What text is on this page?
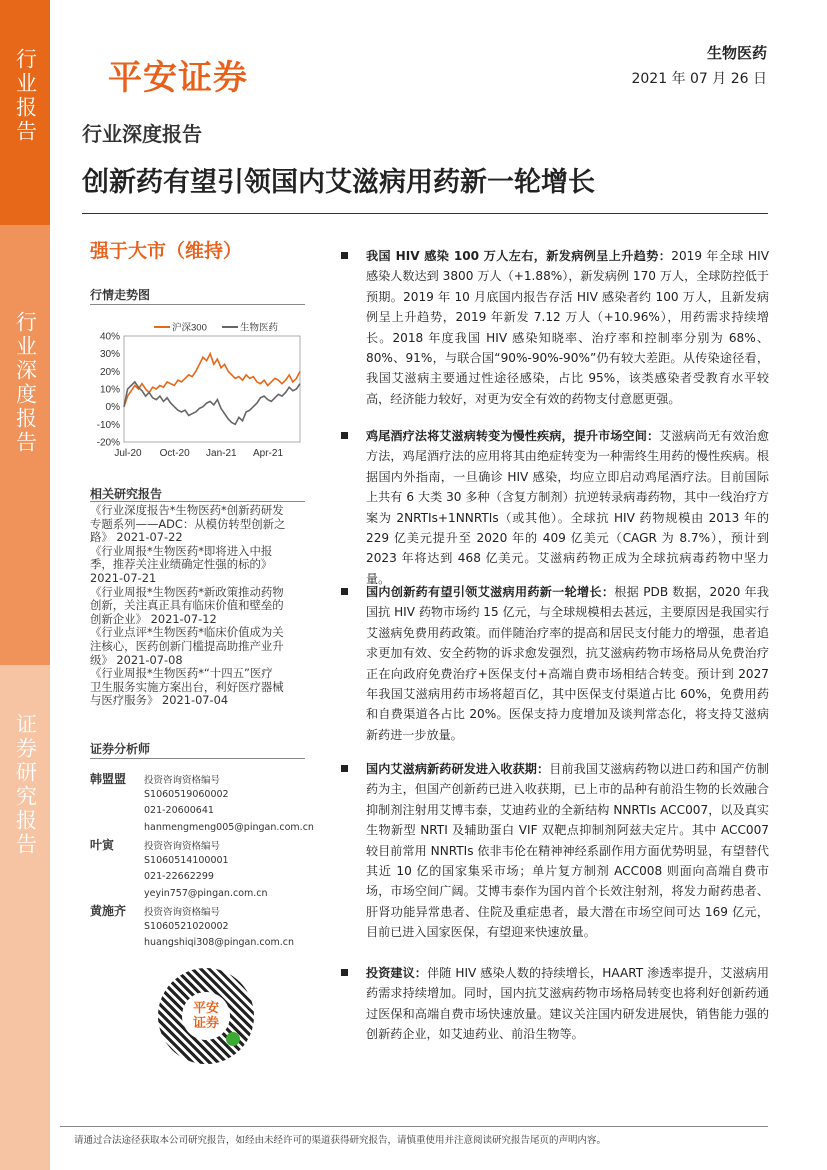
行业报告
行业深度报告
证券研究报告
平安证券
生物医药
2021 年 07 月 26 日
行业深度报告
创新药有望引领国内艾滋病用药新一轮增长
强于大市（维持）
行情走势图
40%
30%
20%
10%
0%
-10%
-20%
Jul-20 Oct-20 Jan-21 Apr-21
沪深300	生物医药
相关研究报告
《行业深度报告*生物医药*创新药研发
专题系列——ADC：从模仿转型创新之
路》 2021-07-22
《行业周报*生物医药*即将进入中报
季，推荐关注业绩确定性强的标的》
2021-07-21
《行业周报*生物医药*新政策推动药物
创新，关注真正具有临床价值和壁垒的
创新企业》 2021-07-12
《行业点评*生物医药*临床价值成为关
注核心，医药创新门槛提高助推产业升
级》 2021-07-08
《行业周报*生物医药*“十四五”医疗
卫生服务实施方案出台，利好医疗器械
与医疗服务》 2021-07-04
证券分析师
韩盟盟 投资咨询资格编号
S1060519060002
021-20600641
hanmengmeng005@pingan.com.cn
叶寅	投资咨询资格编号
S1060514100001
021-22662299
yeyin757@pingan.com.cn
黄施齐 投资咨询资格编号
S1060521020002
huangshiqi308@pingan.com.cn
平安
证券
我国 HIV 感染 100 万人左右，新发病例呈上升趋势：2019 年全球 HIV 感染人数达到 3800 万人（+1.88%），新发病例 170 万人，全球防控低于预期。2019 年 10 月底国内报告存活 HIV 感染者约 100 万人，且新发病例呈上升趋势，2019 年新发 7.12 万人（+10.96%），用药需求持续增长。2018 年度我国 HIV 感染知晓率、治疗率和控制率分别为 68%、80%、91%，与联合国“90%-90%-90%”仍有较大差距。从传染途径看，我国艾滋病主要通过性途径感染，占比 95%，该类感染者受教育水平较高，经济能力较好，对更为安全有效的药物支付意愿更强。
鸡尾酒疗法将艾滋病转变为慢性疾病，提升市场空间：艾滋病尚无有效治愈方法，鸡尾酒疗法的应用将其由绝症转变为一种需终生用药的慢性疾病。根据国内外指南，一旦确诊 HIV 感染，均应立即启动鸡尾酒疗法。目前国际上共有 6 大类 30 多种（含复方制剂）抗逆转录病毒药物，其中一线治疗方案为 2NRTIs+1NNRTIs（或其他）。全球抗 HIV 药物规模由 2013 年的 229 亿美元提升至 2020 年的 409 亿美元（CAGR 为 8.7%），预计到 2023 年将达到 468 亿美元。艾滋病药物正成为全球抗病毒药物中坚力量。
国内创新药有望引领艾滋病用药新一轮增长：根据 PDB 数据，2020 年我国抗 HIV 药物市场约 15 亿元，与全球规模相去甚远，主要原因是我国实行艾滋病免费用药政策。而伴随治疗率的提高和居民支付能力的增强，患者追求更加有效、安全药物的诉求愈发强烈，抗艾滋病药物市场格局从免费治疗正在向政府免费治疗+医保支付+高端自费市场相结合转变。预计到 2027 年我国艾滋病用药市场将超百亿，其中医保支付渠道占比 60%，免费用药和自费渠道各占比 20%。医保支持力度增加及谈判常态化，将支持艾滋病新药进一步放量。
国内艾滋病新药研发进入收获期：目前我国艾滋病药物以进口药和国产仿制药为主，但国产创新药已进入收获期，已上市的品种有前沿生物的长效融合抑制剂注射用艾博韦泰，艾迪药业的全新结构 NNRTIs ACC007，以及真实生物新型 NRTI 及辅助蛋白 VIF 双靶点抑制剂阿兹夫定片。其中 ACC007 较目前常用 NNRTIs 依非韦伦在精神神经系副作用方面优势明显，有望替代其近 10 亿的国家集采市场；单片复方制剂 ACC008 则面向高端自费市场，市场空间广阔。艾博韦泰作为国内首个长效注射剂，将发力耐药患者、肝肾功能异常患者、住院及重症患者，最大潜在市场空间可达 169 亿元，目前已进入国家医保，有望迎来快速放量。
投资建议：伴随 HIV 感染人数的持续增长，HAART 渗透率提升，艾滋病用药需求持续增加。同时，国内抗艾滋病药物市场格局转变也将利好创新药通过医保和高端自费市场快速放量。建议关注国内研发进展快，销售能力强的创新药企业，如艾迪药业、前沿生物等。
请通过合法途径获取本公司研究报告，如经由未经许可的渠道获得研究报告，请慎重使用并注意阅读研究报告尾页的声明内容。
